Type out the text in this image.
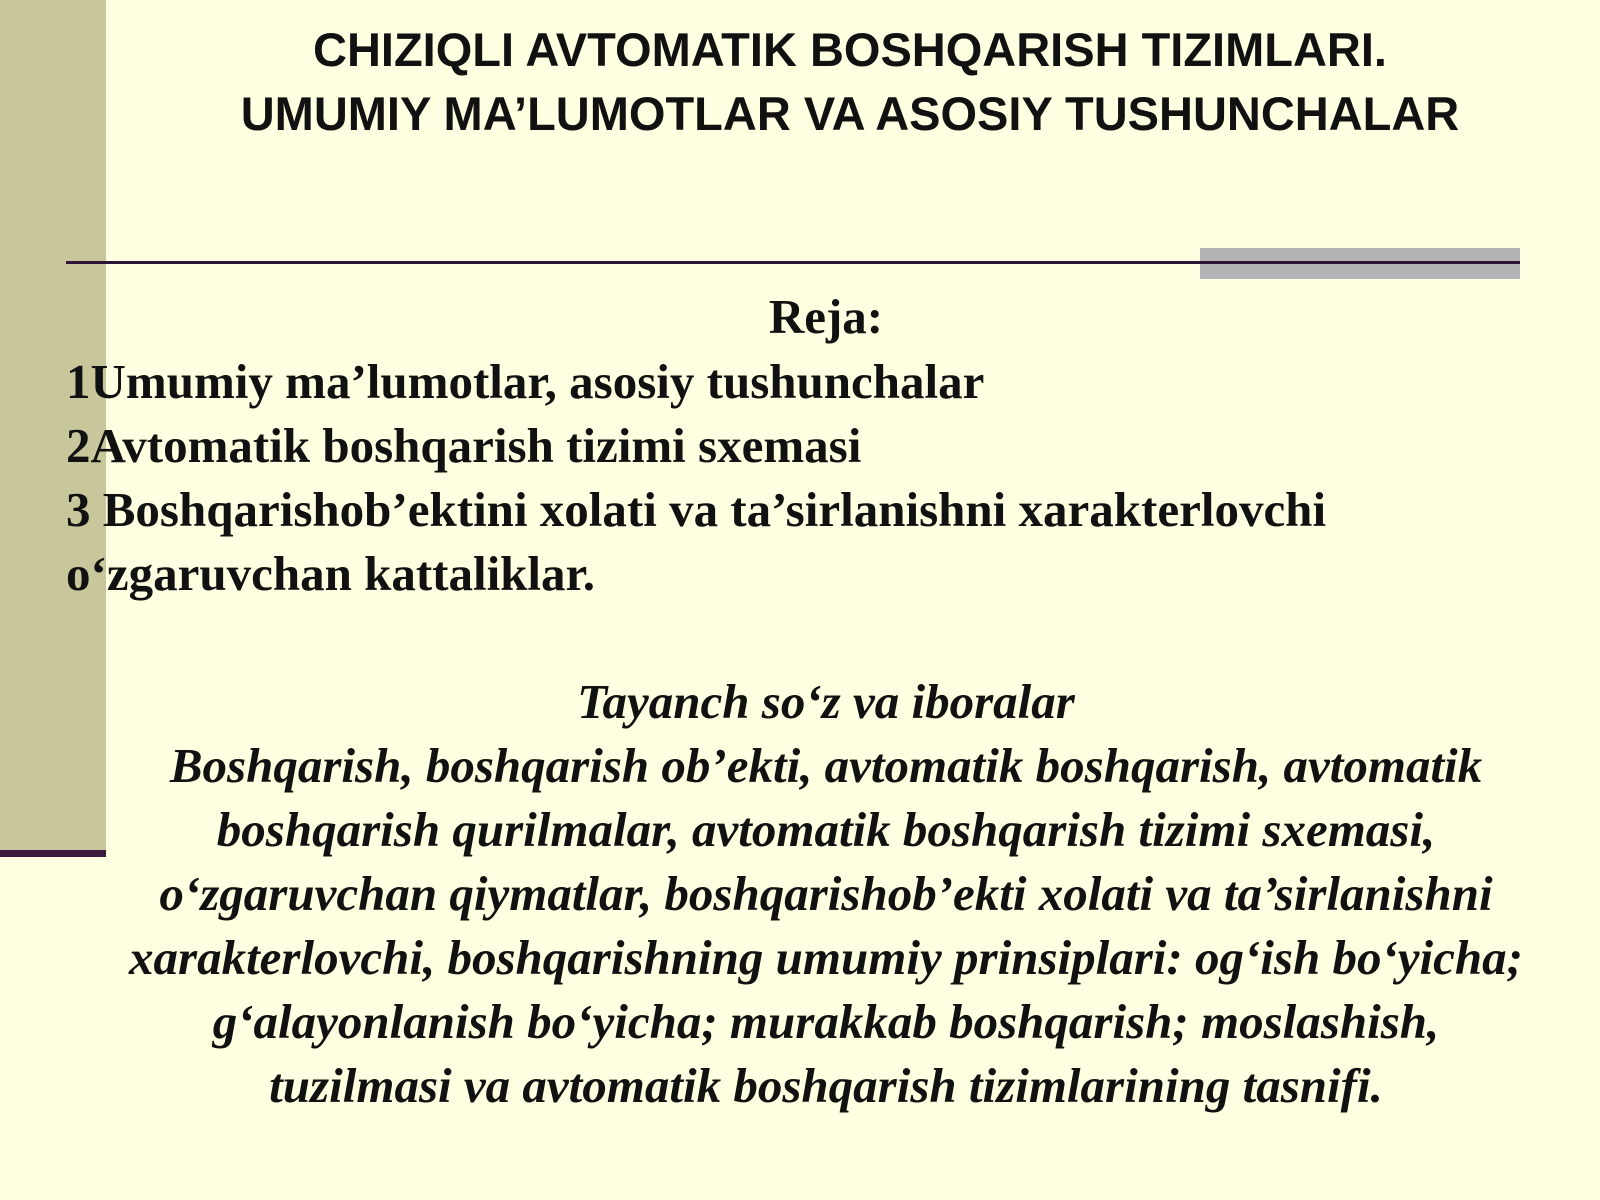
CHIZIQLI AVTOMATIK BOSHQARISH TIZIMLARI.
UMUMIY MA’LUMOTLAR VA ASOSIY TUSHUNCHALAR
Reja:
1Umumiy ma’lumotlar, asosiy tushunchalar
2Avtomatik boshqarish tizimi sxemasi
3 Boshqarishob’ektini xolati va ta’sirlanishni xarakterlovchi
o‘zgaruvchan kattaliklar.
Tayanch so‘z va iboralar
Boshqarish, boshqarish ob’ekti, avtomatik boshqarish, avtomatik
boshqarish qurilmalar, avtomatik boshqarish tizimi sxemasi,
o‘zgaruvchan qiymatlar, boshqarishob’ekti xolati va ta’sirlanishni
xarakterlovchi, boshqarishning umumiy prinsiplari: og‘ish bo‘yicha;
g‘alayonlanish bo‘yicha; murakkab boshqarish; moslashish,
tuzilmasi va avtomatik boshqarish tizimlarining tasnifi.
